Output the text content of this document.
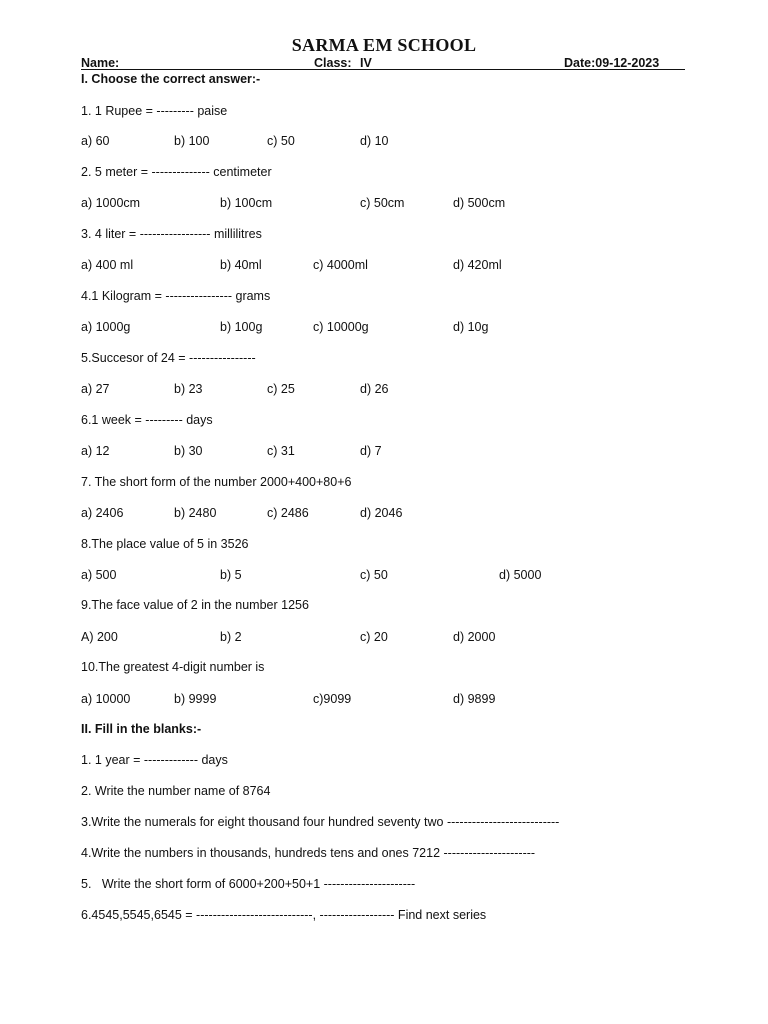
SARMA EM SCHOOL
Name:	Class: IV	Date:09-12-2023
I. Choose the correct answer:-
1. 1 Rupee = --------- paise
a) 60	b) 100	c) 50	d) 10
2. 5 meter = -------------- centimeter
a) 1000cm	b) 100cm	c) 50cm	d) 500cm
3. 4 liter = ----------------- millilitres
a) 400 ml	b) 40ml	c) 4000ml	d) 420ml
4.1 Kilogram = ---------------- grams
a) 1000g	b) 100g	c) 10000g	d) 10g
5.Succesor of 24 = ----------------
a) 27	b) 23	c) 25	d) 26
6.1 week = --------- days
a) 12	b) 30	c) 31	d) 7
7. The short form of the number 2000+400+80+6
a) 2406	b) 2480	c) 2486	d) 2046
8.The place value of 5 in 3526
a) 500	b) 5	c) 50	d) 5000
9.The face value of 2 in the number 1256
A) 200	b) 2	c) 20	d) 2000
10.The greatest 4-digit number is
a) 10000	b) 9999	c)9099	d) 9899
II. Fill in the blanks:-
1. 1 year = ------------- days
2. Write the number name of 8764
3.Write the numerals for eight thousand four hundred seventy two ---------------------------
4.Write the numbers in thousands, hundreds tens and ones 7212 ----------------------
5.   Write the short form of 6000+200+50+1 ----------------------
6.4545,5545,6545 = ----------------------------, ------------------ Find next series
